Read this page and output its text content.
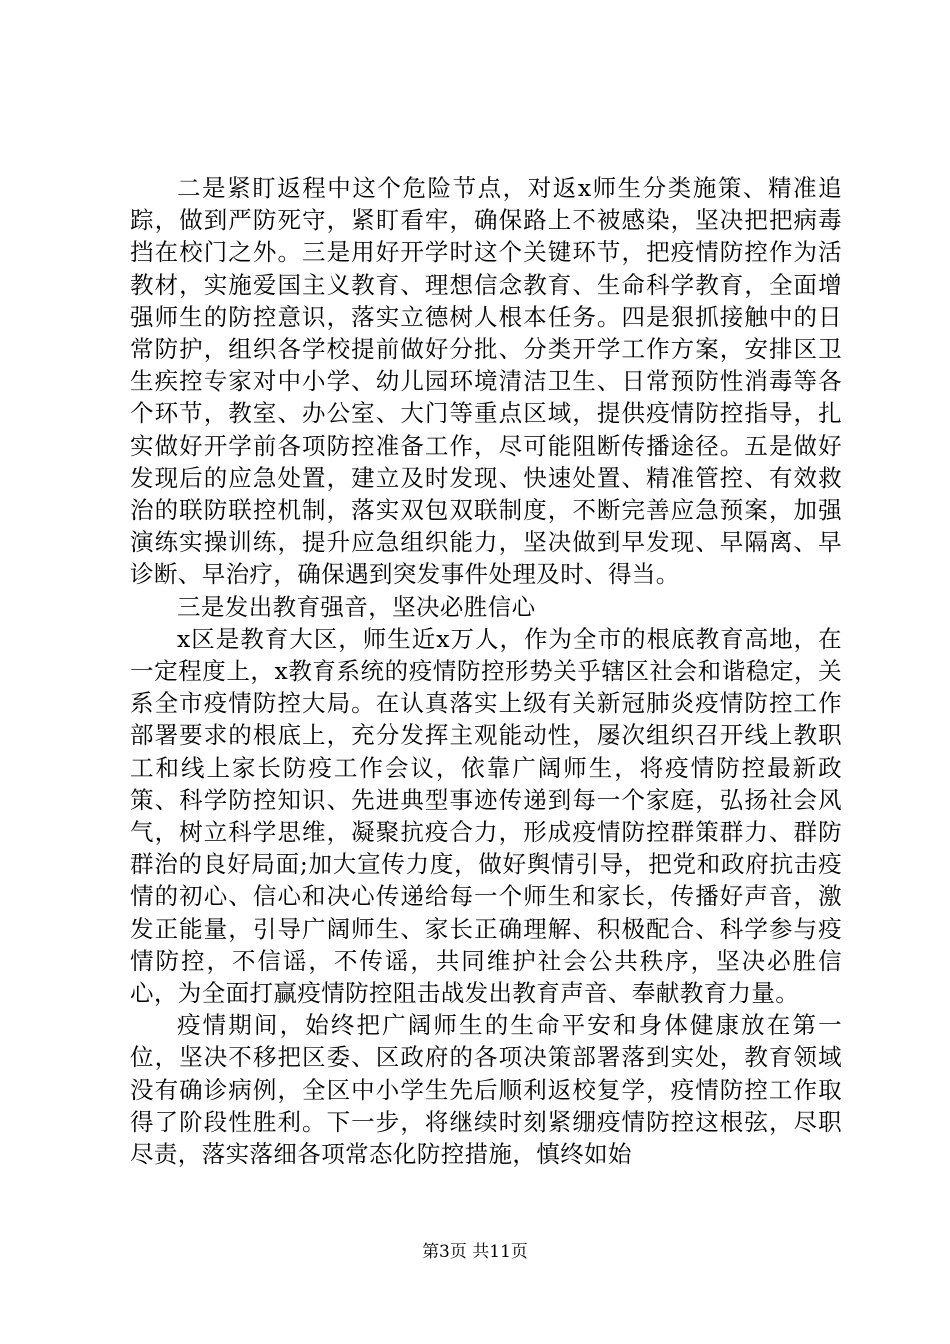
二是紧盯返程中这个危险节点，对返x师生分类施策、精准追踪，做到严防死守，紧盯看牢，确保路上不被感染，坚决把把病毒挡在校门之外。三是用好开学时这个关键环节，把疫情防控作为活教材，实施爱国主义教育、理想信念教育、生命科学教育，全面增强师生的防控意识，落实立德树人根本任务。四是狠抓接触中的日常防护，组织各学校提前做好分批、分类开学工作方案，安排区卫生疾控专家对中小学、幼儿园环境清洁卫生、日常预防性消毒等各个环节，教室、办公室、大门等重点区域，提供疫情防控指导，扎实做好开学前各项防控准备工作，尽可能阻断传播途径。五是做好发现后的应急处置，建立及时发现、快速处置、精准管控、有效救治的联防联控机制，落实双包双联制度，不断完善应急预案，加强演练实操训练，提升应急组织能力，坚决做到早发现、早隔离、早诊断、早治疗，确保遇到突发事件处理及时、得当。

三是发出教育强音，坚决必胜信心

x区是教育大区，师生近x万人，作为全市的根底教育高地，在一定程度上，x教育系统的疫情防控形势关乎辖区社会和谐稳定，关系全市疫情防控大局。在认真落实上级有关新冠肺炎疫情防控工作部署要求的根底上，充分发挥主观能动性，屡次组织召开线上教职工和线上家长防疫工作会议，依靠广阔师生，将疫情防控最新政策、科学防控知识、先进典型事迹传递到每一个家庭，弘扬社会风气，树立科学思维，凝聚抗疫合力，形成疫情防控群策群力、群防群治的良好局面;加大宣传力度，做好舆情引导，把党和政府抗击疫情的初心、信心和决心传递给每一个师生和家长，传播好声音，激发正能量，引导广阔师生、家长正确理解、积极配合、科学参与疫情防控，不信谣，不传谣，共同维护社会公共秩序，坚决必胜信心，为全面打赢疫情防控阻击战发出教育声音、奉献教育力量。

疫情期间，始终把广阔师生的生命平安和身体健康放在第一位，坚决不移把区委、区政府的各项决策部署落到实处，教育领域没有确诊病例，全区中小学生先后顺利返校复学，疫情防控工作取得了阶段性胜利。下一步，将继续时刻紧绷疫情防控这根弦，尽职尽责，落实落细各项常态化防控措施，慎终如始

第3页 共11页
